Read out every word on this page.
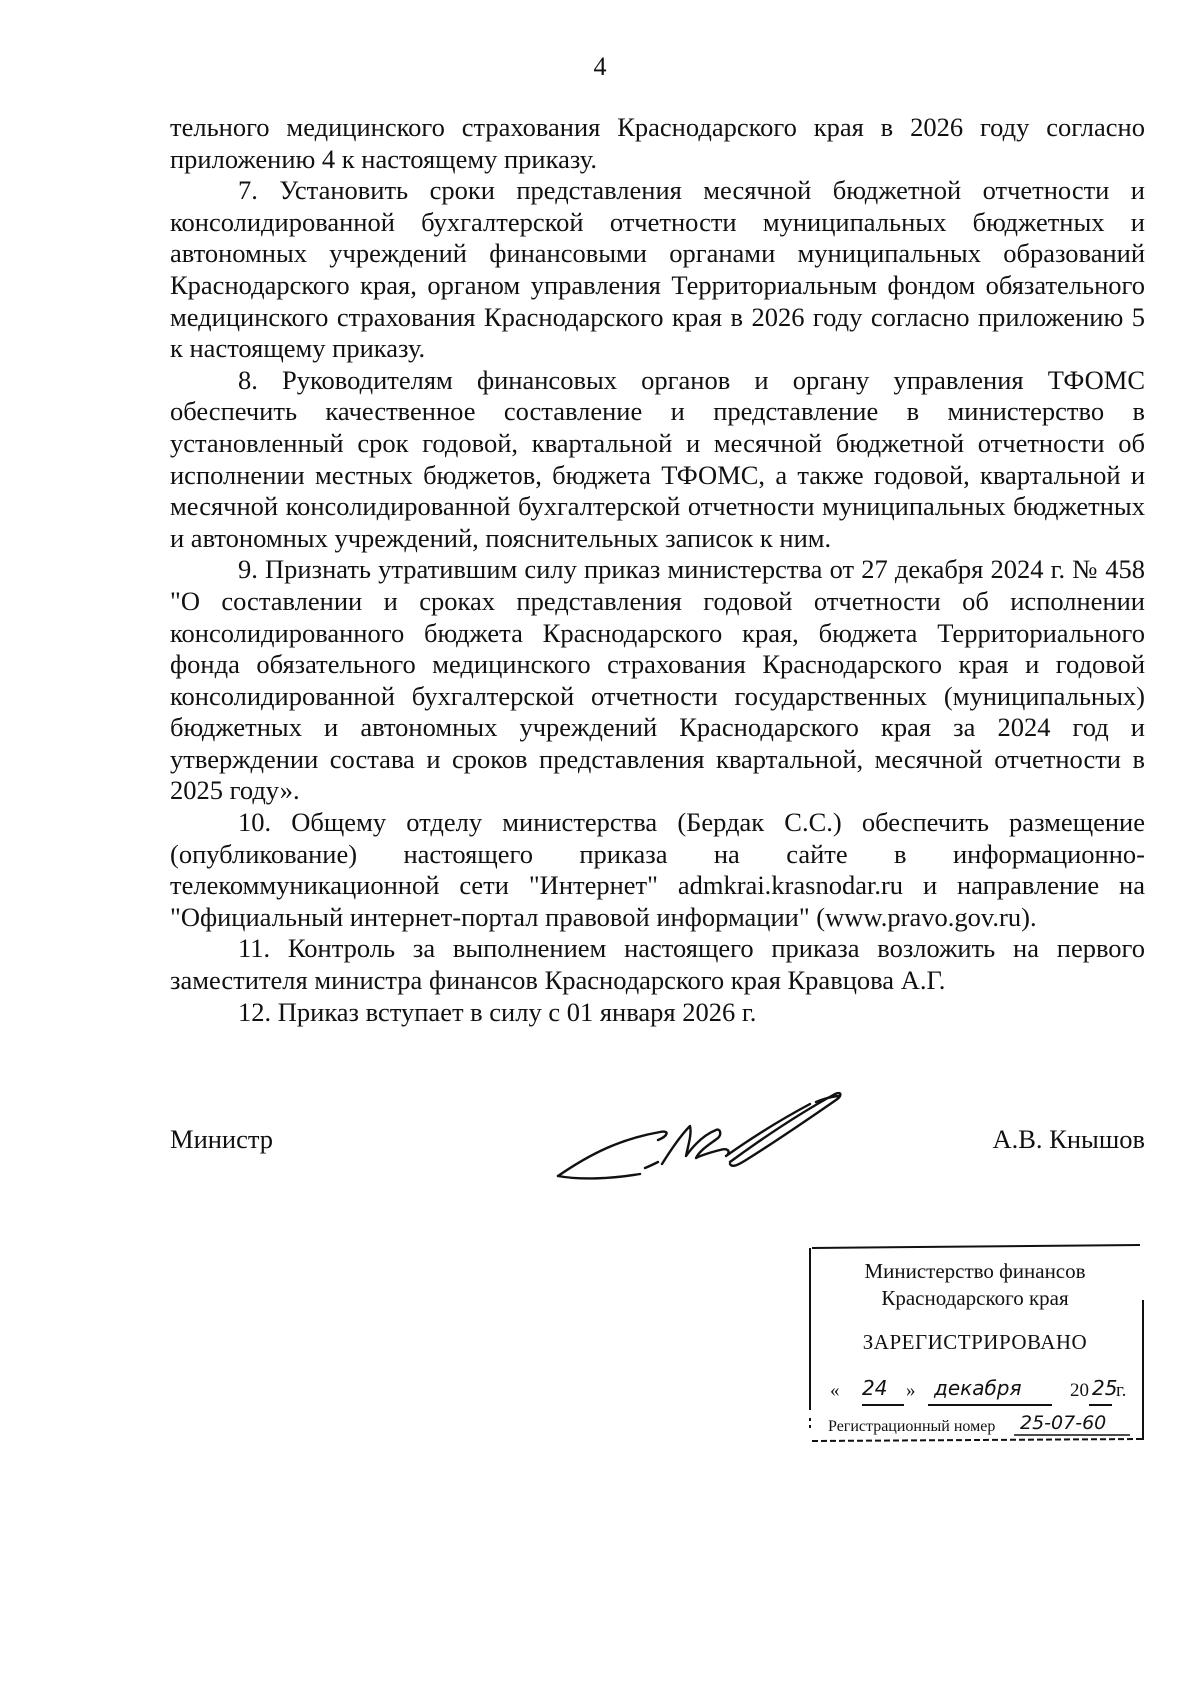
4

тельного медицинского страхования Краснодарского края в 2026 году согласно приложению 4 к настоящему приказу.

7. Установить сроки представления месячной бюджетной отчетности и консолидированной бухгалтерской отчетности муниципальных бюджетных и автономных учреждений финансовыми органами муниципальных образований Краснодарского края, органом управления Территориальным фондом обязательного медицинского страхования Краснодарского края в 2026 году согласно приложению 5 к настоящему приказу.

8. Руководителям финансовых органов и органу управления ТФОМС обеспечить качественное составление и представление в министерство в установленный срок годовой, квартальной и месячной бюджетной отчетности об исполнении местных бюджетов, бюджета ТФОМС, а также годовой, квартальной и месячной консолидированной бухгалтерской отчетности муниципальных бюджетных и автономных учреждений, пояснительных записок к ним.

9. Признать утратившим силу приказ министерства от 27 декабря 2024 г. № 458 "О составлении и сроках представления годовой отчетности об исполнении консолидированного бюджета Краснодарского края, бюджета Территориального фонда обязательного медицинского страхования Краснодарского края и годовой консолидированной бухгалтерской отчетности государственных (муниципальных) бюджетных и автономных учреждений Краснодарского края за 2024 год и утверждении состава и сроков представления квартальной, месячной отчетности в 2025 году».

10. Общему отделу министерства (Бердак С.С.) обеспечить размещение (опубликование) настоящего приказа на сайте в информационно-телекоммуникационной сети "Интернет" admkrai.krasnodar.ru и направление на "Официальный интернет-портал правовой информации" (www.pravo.gov.ru).

11. Контроль за выполнением настоящего приказа возложить на первого заместителя министра финансов Краснодарского края Кравцова А.Г.

12. Приказ вступает в силу с 01 января 2026 г.

Министр	А.В. Кнышов
Министерство финансов
Краснодарского края
ЗАРЕГИСТРИРОВАНО
« 24 » декабря	20 25
г.
Регистрационный номер 25-07-60
